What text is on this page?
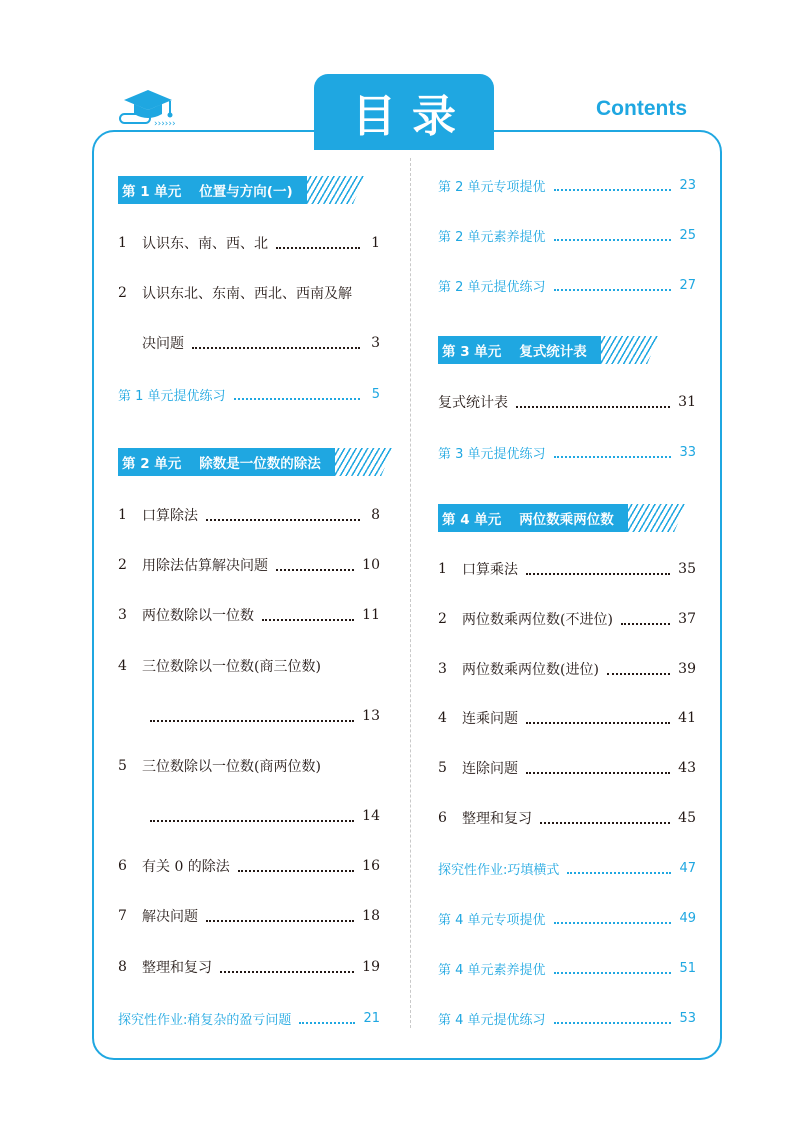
››››››	目录	Contents
第 1 单元 位置与方向(一)
1	认识东、南、西、北	1
2	认识东北、东南、西北、西南及解
决问题	3
第 1 单元提优练习	5
第 2 单元 除数是一位数的除法
1	口算除法	8
2	用除法估算解决问题	10
3	两位数除以一位数	11
4	三位数除以一位数(商三位数)
13
5	三位数除以一位数(商两位数)
14
6	有关 0 的除法	16
7	解决问题	18
8	整理和复习	19
探究性作业:稍复杂的盈亏问题	21
第 2 单元专项提优	23
第 2 单元素养提优	25
第 2 单元提优练习	27
第 3 单元 复式统计表
复式统计表	31
第 3 单元提优练习	33
第 4 单元 两位数乘两位数
1	口算乘法	35
2	两位数乘两位数(不进位)	37
3	两位数乘两位数(进位)	39
4	连乘问题	41
5	连除问题	43
6	整理和复习	45
探究性作业:巧填横式	47
第 4 单元专项提优	49
第 4 单元素养提优	51
第 4 单元提优练习	53
